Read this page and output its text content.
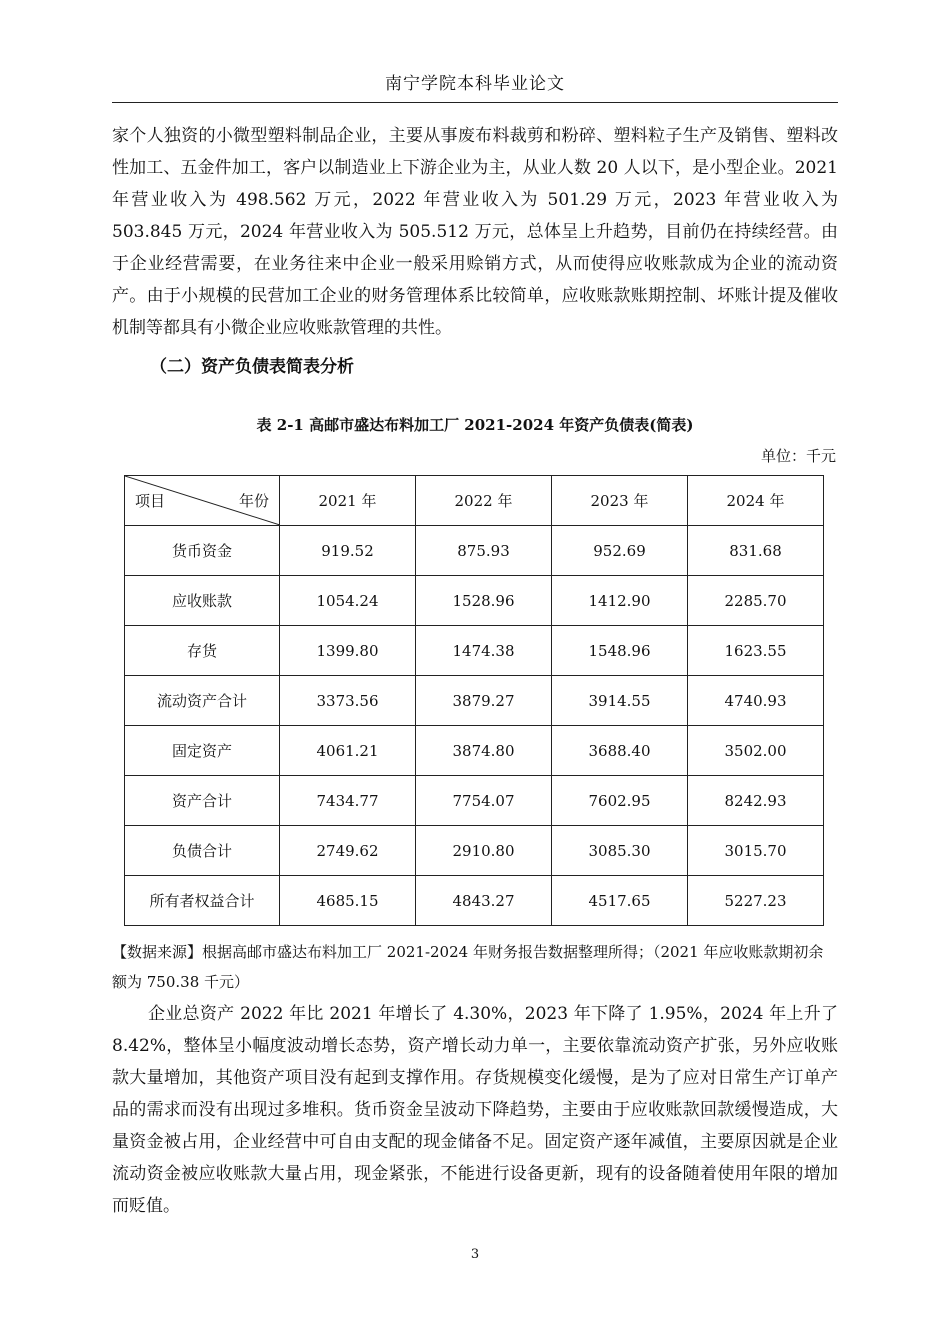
南宁学院本科毕业论文

家个人独资的小微型塑料制品企业，主要从事废布料裁剪和粉碎、塑料粒子生产及销售、塑料改性加工、五金件加工，客户以制造业上下游企业为主，从业人数 20 人以下，是小型企业。2021 年营业收入为 498.562 万元，2022 年营业收入为 501.29 万元，2023 年营业收入为 503.845 万元，2024 年营业收入为 505.512 万元，总体呈上升趋势，目前仍在持续经营。由于企业经营需要，在业务往来中企业一般采用赊销方式，从而使得应收账款成为企业的流动资产。由于小规模的民营加工企业的财务管理体系比较简单，应收账款账期控制、坏账计提及催收机制等都具有小微企业应收账款管理的共性。

（二）资产负债表简表分析
表 2-1 高邮市盛达布料加工厂 2021-2024 年资产负债表(简表)
单位：千元
项目 年份	2021 年	2022 年	2023 年	2024 年
货币资金	919.52	875.93	952.69	831.68
应收账款	1054.24	1528.96	1412.90	2285.70
存货	1399.80	1474.38	1548.96	1623.55
流动资产合计	3373.56	3879.27	3914.55	4740.93
固定资产	4061.21	3874.80	3688.40	3502.00
资产合计	7434.77	7754.07	7602.95	8242.93
负债合计	2749.62	2910.80	3085.30	3015.70
所有者权益合计	4685.15	4843.27	4517.65	5227.23

【数据来源】根据高邮市盛达布料加工厂 2021-2024 年财务报告数据整理所得；（2021 年应收账款期初余额为 750.38 千元）

企业总资产 2022 年比 2021 年增长了 4.30%，2023 年下降了 1.95%，2024 年上升了 8.42%，整体呈小幅度波动增长态势，资产增长动力单一，主要依靠流动资产扩张，另外应收账款大量增加，其他资产项目没有起到支撑作用。存货规模变化缓慢，是为了应对日常生产订单产品的需求而没有出现过多堆积。货币资金呈波动下降趋势，主要由于应收账款回款缓慢造成，大量资金被占用，企业经营中可自由支配的现金储备不足。固定资产逐年减值，主要原因就是企业流动资金被应收账款大量占用，现金紧张，不能进行设备更新，现有的设备随着使用年限的增加而贬值。

3
